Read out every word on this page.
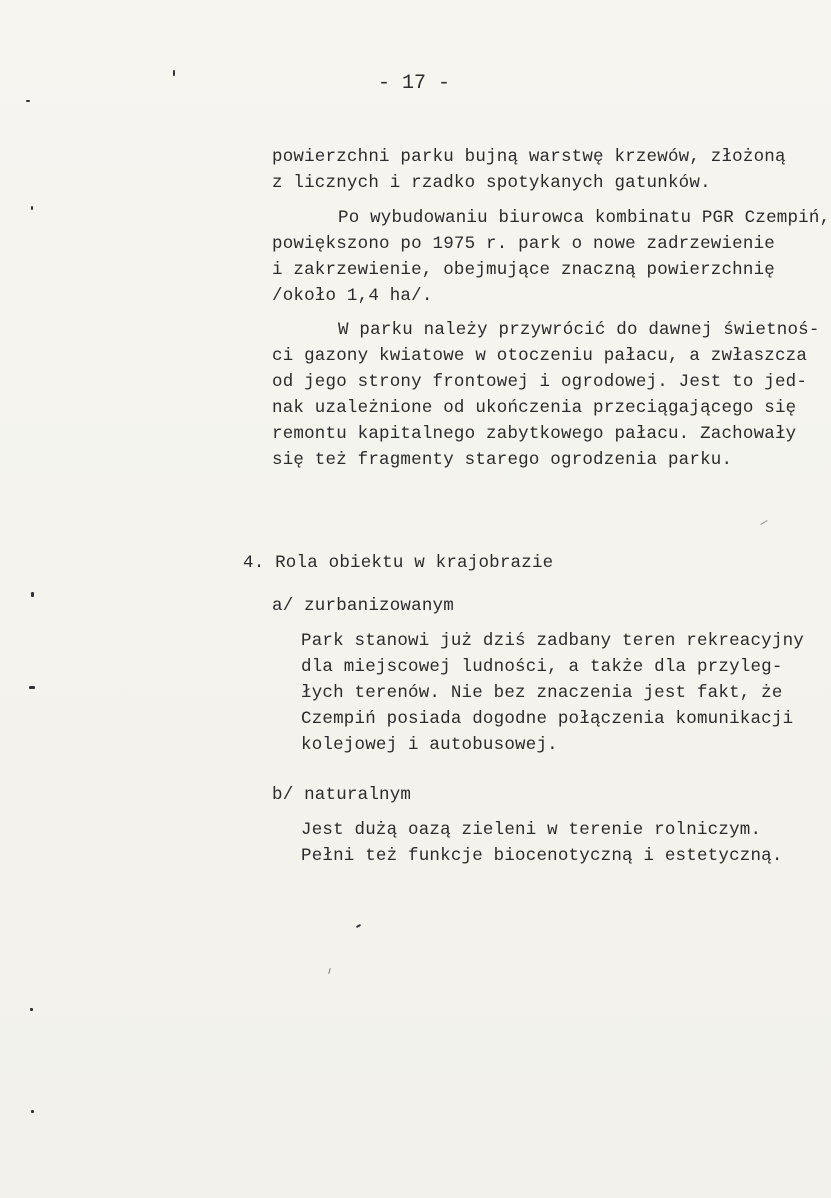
- 17 -
powierzchni parku bujną warstwę krzewów, złożoną
z licznych i rzadko spotykanych gatunków.
Po wybudowaniu biurowca kombinatu PGR Czempiń,
powiększono po 1975 r. park o nowe zadrzewienie
i zakrzewienie, obejmujące znaczną powierzchnię
/około 1,4 ha/.
W parku należy przywrócić do dawnej świetnoś-
ci gazony kwiatowe w otoczeniu pałacu, a zwłaszcza
od jego strony frontowej i ogrodowej. Jest to jed-
nak uzależnione od ukończenia przeciągającego się
remontu kapitalnego zabytkowego pałacu. Zachowały
się też fragmenty starego ogrodzenia parku.
4. Rola obiektu w krajobrazie
a/ zurbanizowanym
Park stanowi już dziś zadbany teren rekreacyjny
dla miejscowej ludności, a także dla przyleg-
łych terenów. Nie bez znaczenia jest fakt, że
Czempiń posiada dogodne połączenia komunikacji
kolejowej i autobusowej.
b/ naturalnym
Jest dużą oazą zieleni w terenie rolniczym.
Pełni też funkcje biocenotyczną i estetyczną.
